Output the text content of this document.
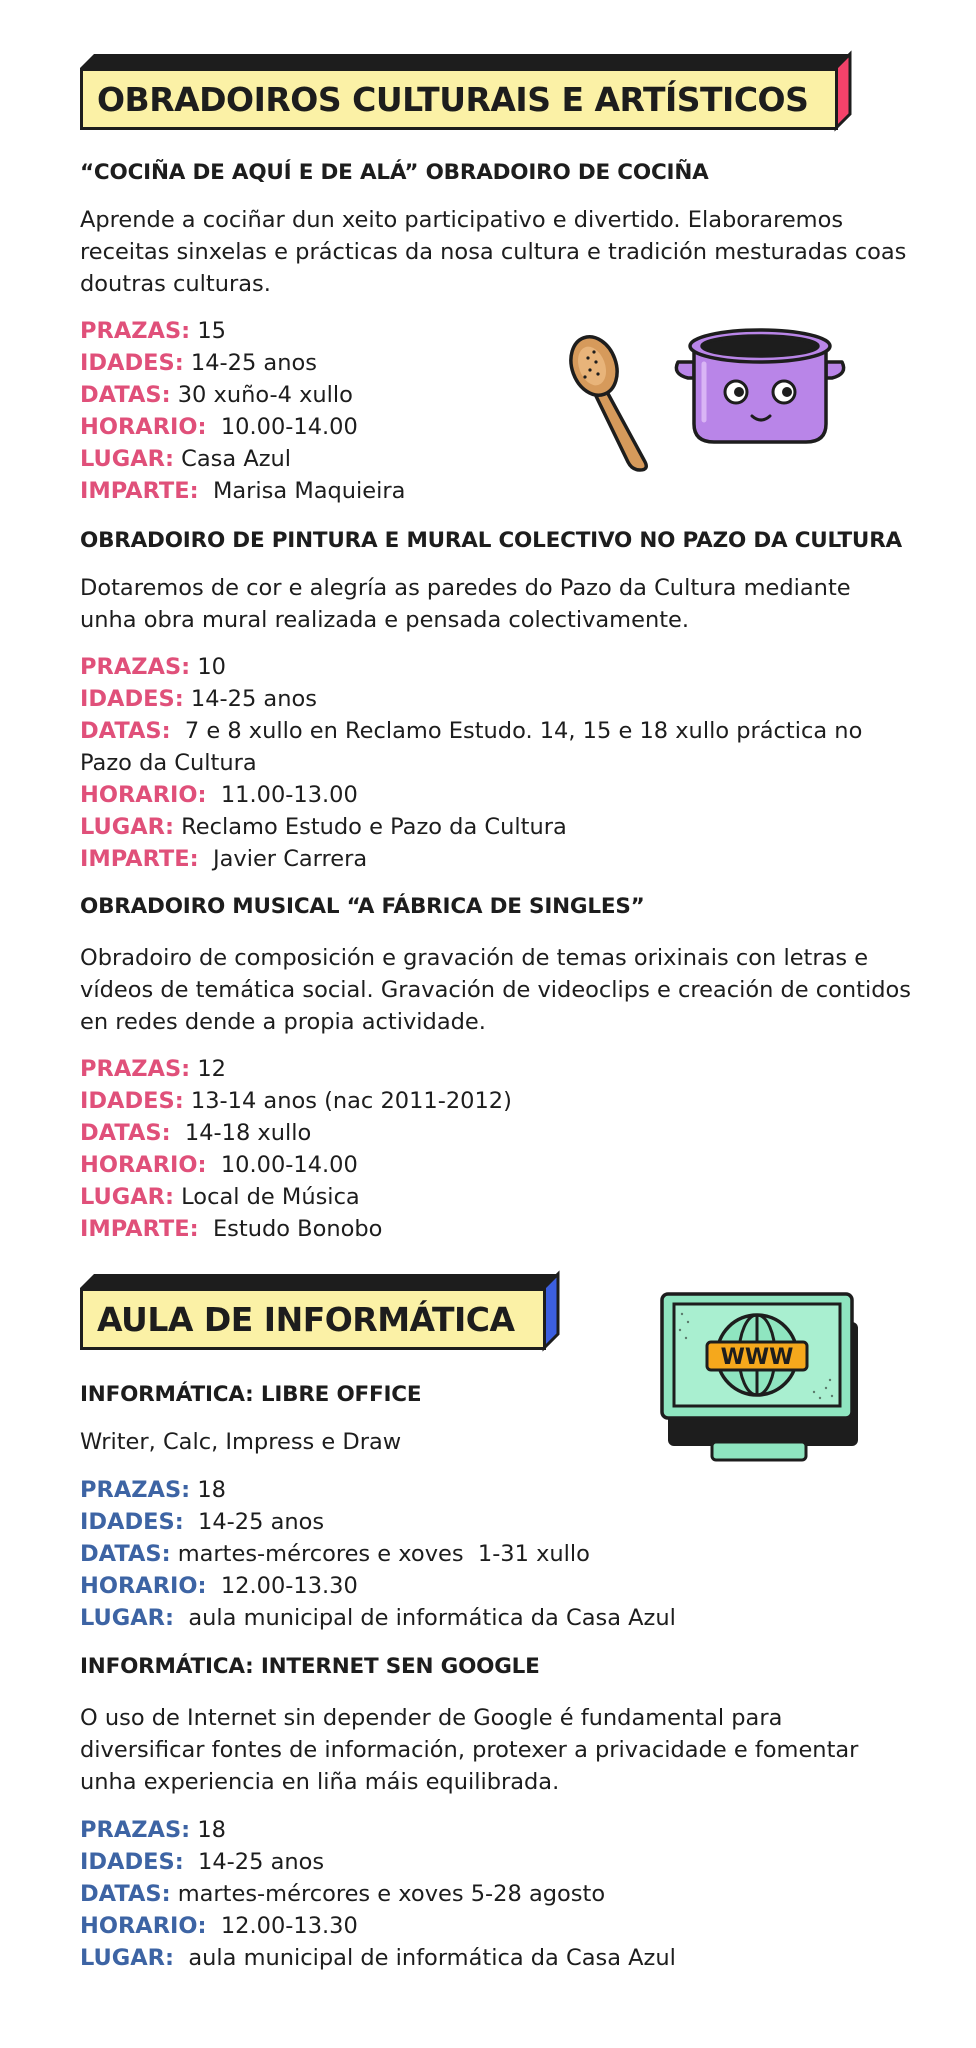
OBRADOIROS CULTURAIS E ARTÍSTICOS
“COCIÑA DE AQUÍ E DE ALÁ” OBRADOIRO DE COCIÑA
Aprende a cociñar dun xeito participativo e divertido. Elaboraremos receitas sinxelas e prácticas da nosa cultura e tradición mesturadas coas doutras culturas.
PRAZAS: 15
IDADES: 14-25 anos
DATAS: 30 xuño-4 xullo
HORARIO: 10.00-14.00
LUGAR: Casa Azul
IMPARTE: Marisa Maquieira
OBRADOIRO DE PINTURA E MURAL COLECTIVO NO PAZO DA CULTURA
Dotaremos de cor e alegría as paredes do Pazo da Cultura mediante unha obra mural realizada e pensada colectivamente.
PRAZAS: 10
IDADES: 14-25 anos
DATAS: 7 e 8 xullo en Reclamo Estudo. 14, 15 e 18 xullo práctica no Pazo da Cultura
HORARIO: 11.00-13.00
LUGAR: Reclamo Estudo e Pazo da Cultura
IMPARTE: Javier Carrera
OBRADOIRO MUSICAL “A FÁBRICA DE SINGLES”
Obradoiro de composición e gravación de temas orixinais con letras e vídeos de temática social. Gravación de videoclips e creación de contidos en redes dende a propia actividade.
PRAZAS: 12
IDADES: 13-14 anos (nac 2011-2012)
DATAS: 14-18 xullo
HORARIO: 10.00-14.00
LUGAR: Local de Música
IMPARTE: Estudo Bonobo
AULA DE INFORMÁTICA
WWW
INFORMÁTICA: LIBRE OFFICE
Writer, Calc, Impress e Draw
PRAZAS: 18
IDADES: 14-25 anos
DATAS: martes-mércores e xoves  1-31 xullo
HORARIO: 12.00-13.30
LUGAR: aula municipal de informática da Casa Azul
INFORMÁTICA: INTERNET SEN GOOGLE
O uso de Internet sin depender de Google é fundamental para diversificar fontes de información, protexer a privacidade e fomentar unha experiencia en liña máis equilibrada.
PRAZAS: 18
IDADES: 14-25 anos
DATAS: martes-mércores e xoves 5-28 agosto
HORARIO: 12.00-13.30
LUGAR: aula municipal de informática da Casa Azul
